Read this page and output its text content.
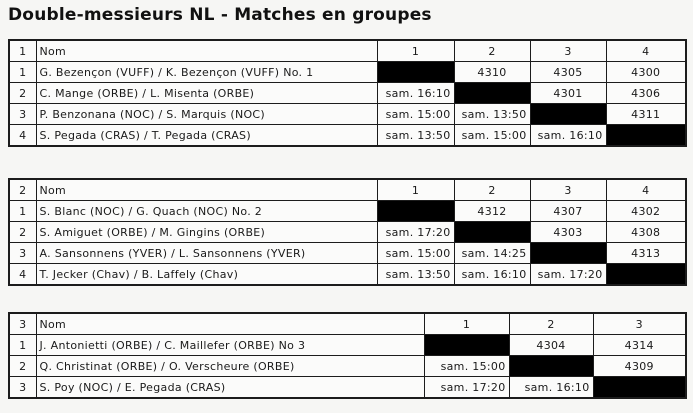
Double-messieurs NL - Matches en groupes
1	Nom	1	2	3	4
1	G. Bezençon (VUFF) / K. Bezençon (VUFF) No. 1		4310	4305	4300
2	C. Mange (ORBE) / L. Misenta (ORBE)	sam. 16:10		4301	4306
3	P. Benzonana (NOC) / S. Marquis (NOC)	sam. 15:00	sam. 13:50		4311
4	S. Pegada (CRAS) / T. Pegada (CRAS)	sam. 13:50	sam. 15:00	sam. 16:10	
2	Nom	1	2	3	4
1	S. Blanc (NOC) / G. Quach (NOC) No. 2		4312	4307	4302
2	S. Amiguet (ORBE) / M. Gingins (ORBE)	sam. 17:20		4303	4308
3	A. Sansonnens (YVER) / L. Sansonnens (YVER)	sam. 15:00	sam. 14:25		4313
4	T. Jecker (Chav) / B. Laffely (Chav)	sam. 13:50	sam. 16:10	sam. 17:20	
3	Nom	1	2	3
1	J. Antonietti (ORBE) / C. Maillefer (ORBE) No 3		4304	4314
2	Q. Christinat (ORBE) / O. Verscheure (ORBE)	sam. 15:00		4309
3	S. Poy (NOC) / E. Pegada (CRAS)	sam. 17:20	sam. 16:10	
